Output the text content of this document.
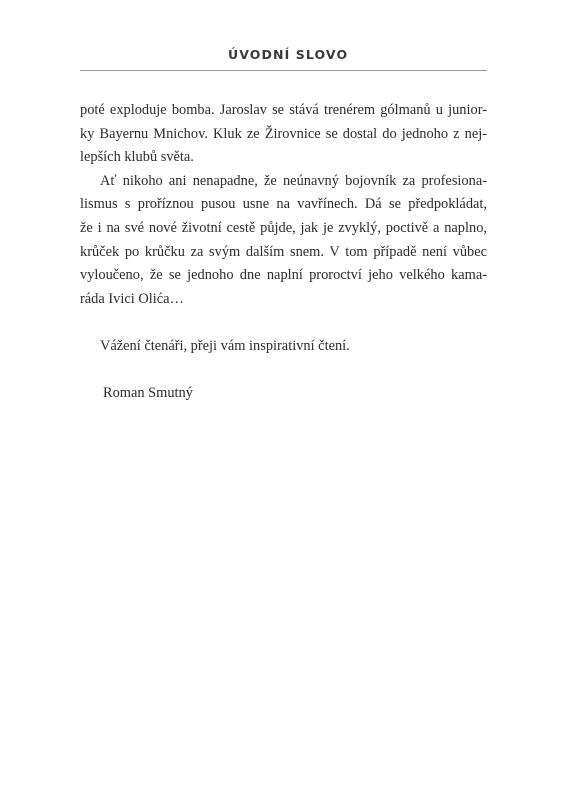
ÚVODNÍ SLOVO
poté exploduje bomba. Jaroslav se stává trenérem gólmanů u junior-
ky Bayernu Mnichov. Kluk ze Žirovnice se dostal do jednoho z nej-
lepších klubů světa.
Ať nikoho ani nenapadne, že neúnavný bojovník za profesiona-
lismus s proříznou pusou usne na vavřínech. Dá se předpokládat,
že i na své nové životní cestě půjde, jak je zvyklý, poctivě a naplno,
krůček po krůčku za svým dalším snem. V tom případě není vůbec
vyloučeno, že se jednoho dne naplní proroctví jeho velkého kama-
ráda Ivici Olića…
Vážení čtenáři, přeji vám inspirativní čtení.
Roman Smutný
